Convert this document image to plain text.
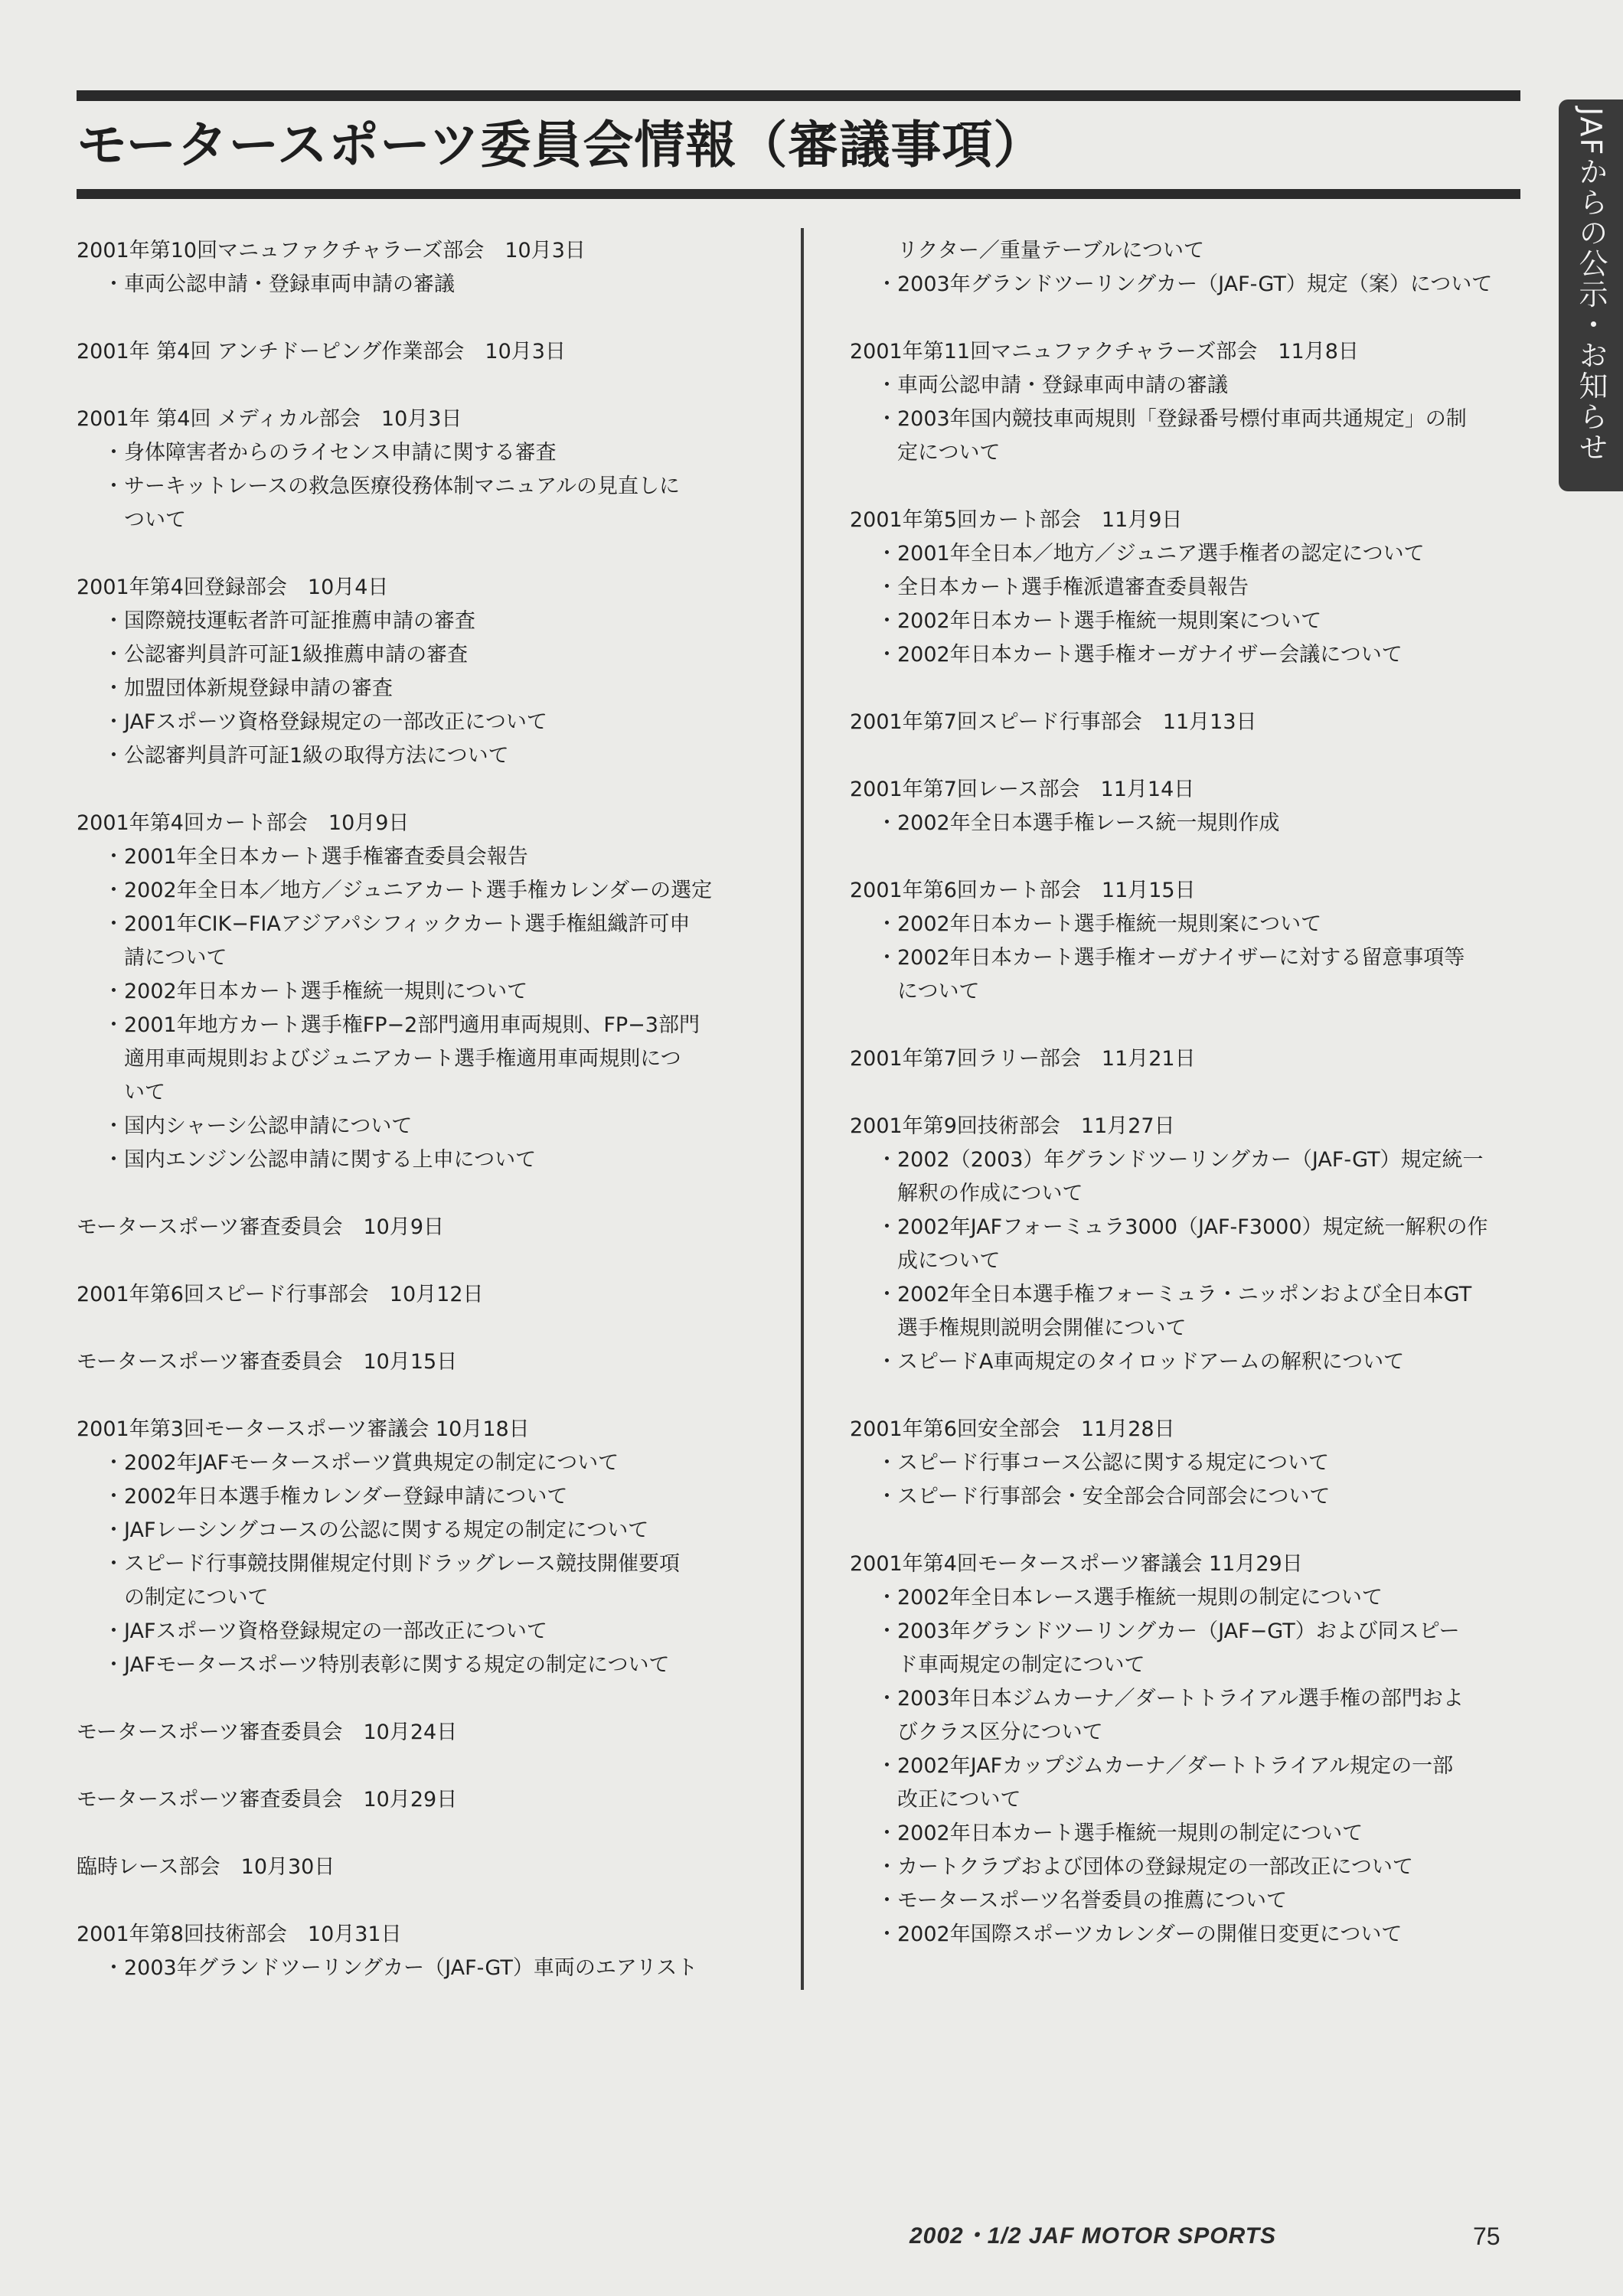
モータースポーツ委員会情報（審議事項）	JAFからの公示・お知らせ
2001年第10回マニュファクチャラーズ部会　10月3日
・ 車両公認申請・登録車両申請の審議
2001年 第4回 アンチドーピング作業部会　10月3日
2001年 第4回 メディカル部会　10月3日
・ 身体障害者からのライセンス申請に関する審査
・ サーキットレースの救急医療役務体制マニュアルの見直しに
ついて
2001年第4回登録部会　10月4日
・ 国際競技運転者許可証推薦申請の審査
・ 公認審判員許可証1級推薦申請の審査
・ 加盟団体新規登録申請の審査
・ JAFスポーツ資格登録規定の一部改正について
・ 公認審判員許可証1級の取得方法について
2001年第4回カート部会　10月9日
・ 2001年全日本カート選手権審査委員会報告
・ 2002年全日本／地方／ジュニアカート選手権カレンダーの選定
・ 2001年CIK−FIAアジアパシフィックカート選手権組織許可申
請について
・ 2002年日本カート選手権統一規則について
・ 2001年地方カート選手権FP−2部門適用車両規則、FP−3部門
適用車両規則およびジュニアカート選手権適用車両規則につ
いて
・ 国内シャーシ公認申請について
・ 国内エンジン公認申請に関する上申について
モータースポーツ審査委員会　10月9日
2001年第6回スピード行事部会　10月12日
モータースポーツ審査委員会　10月15日
2001年第3回モータースポーツ審議会 10月18日
・ 2002年JAFモータースポーツ賞典規定の制定について
・ 2002年日本選手権カレンダー登録申請について
・ JAFレーシングコースの公認に関する規定の制定について
・ スピード行事競技開催規定付則ドラッグレース競技開催要項
の制定について
・ JAFスポーツ資格登録規定の一部改正について
・ JAFモータースポーツ特別表彰に関する規定の制定について
モータースポーツ審査委員会　10月24日
モータースポーツ審査委員会　10月29日
臨時レース部会　10月30日
2001年第8回技術部会　10月31日
・ 2003年グランドツーリングカー（JAF-GT）車両のエアリスト
リクター／重量テーブルについて
・ 2003年グランドツーリングカー（JAF-GT）規定（案）について
2001年第11回マニュファクチャラーズ部会　11月8日
・ 車両公認申請・登録車両申請の審議
・ 2003年国内競技車両規則「登録番号標付車両共通規定」の制
定について
2001年第5回カート部会　11月9日
・ 2001年全日本／地方／ジュニア選手権者の認定について
・ 全日本カート選手権派遣審査委員報告
・ 2002年日本カート選手権統一規則案について
・ 2002年日本カート選手権オーガナイザー会議について
2001年第7回スピード行事部会　11月13日
2001年第7回レース部会　11月14日
・ 2002年全日本選手権レース統一規則作成
2001年第6回カート部会　11月15日
・ 2002年日本カート選手権統一規則案について
・ 2002年日本カート選手権オーガナイザーに対する留意事項等
について
2001年第7回ラリー部会　11月21日
2001年第9回技術部会　11月27日
・ 2002（2003）年グランドツーリングカー（JAF-GT）規定統一
解釈の作成について
・ 2002年JAFフォーミュラ3000（JAF-F3000）規定統一解釈の作
成について
・ 2002年全日本選手権フォーミュラ・ニッポンおよび全日本GT
選手権規則説明会開催について
・ スピードA車両規定のタイロッドアームの解釈について
2001年第6回安全部会　11月28日
・ スピード行事コース公認に関する規定について
・ スピード行事部会・安全部会合同部会について
2001年第4回モータースポーツ審議会 11月29日
・ 2002年全日本レース選手権統一規則の制定について
・ 2003年グランドツーリングカー（JAF−GT）および同スピー
ド車両規定の制定について
・ 2003年日本ジムカーナ／ダートトライアル選手権の部門およ
びクラス区分について
・ 2002年JAFカップジムカーナ／ダートトライアル規定の一部
改正について
・ 2002年日本カート選手権統一規則の制定について
・ カートクラブおよび団体の登録規定の一部改正について
・ モータースポーツ名誉委員の推薦について
・ 2002年国際スポーツカレンダーの開催日変更について
2002・1/2 JAF MOTOR SPORTS	75
